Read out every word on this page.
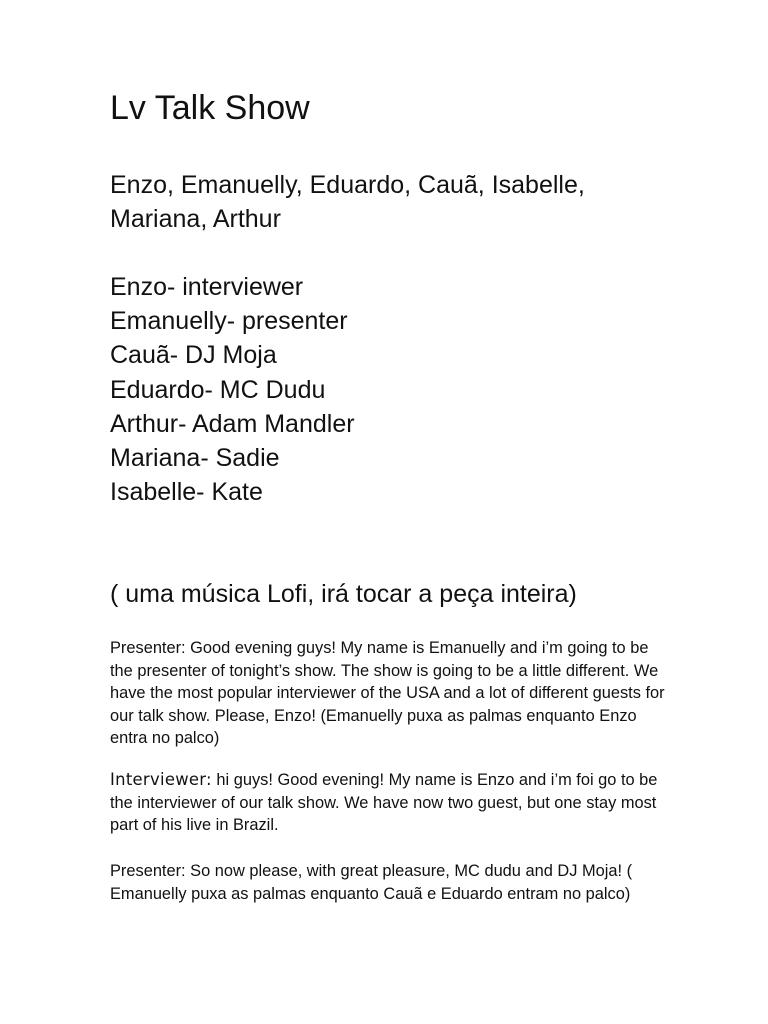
Lv Talk Show
Enzo, Emanuelly, Eduardo, Cauã, Isabelle, Mariana, Arthur
Enzo- interviewer
Emanuelly- presenter
Cauã- DJ Moja
Eduardo- MC Dudu
Arthur- Adam Mandler
Mariana- Sadie
Isabelle- Kate
( uma música Lofi, irá tocar a peça inteira)
Presenter: Good evening guys! My name is Emanuelly and i’m going to be the presenter of tonight’s show. The show is going to be a little different. We have the most popular interviewer of the USA and a lot of different guests for our talk show. Please, Enzo! (Emanuelly puxa as palmas enquanto Enzo entra no palco)
Interviewer: hi guys! Good evening! My name is Enzo and i’m foi go to be the interviewer of our talk show. We have now two guest, but one stay most part of his live in Brazil.
Presenter: So now please, with great pleasure, MC dudu and DJ Moja! ( Emanuelly puxa as palmas enquanto Cauã e Eduardo entram no palco)
